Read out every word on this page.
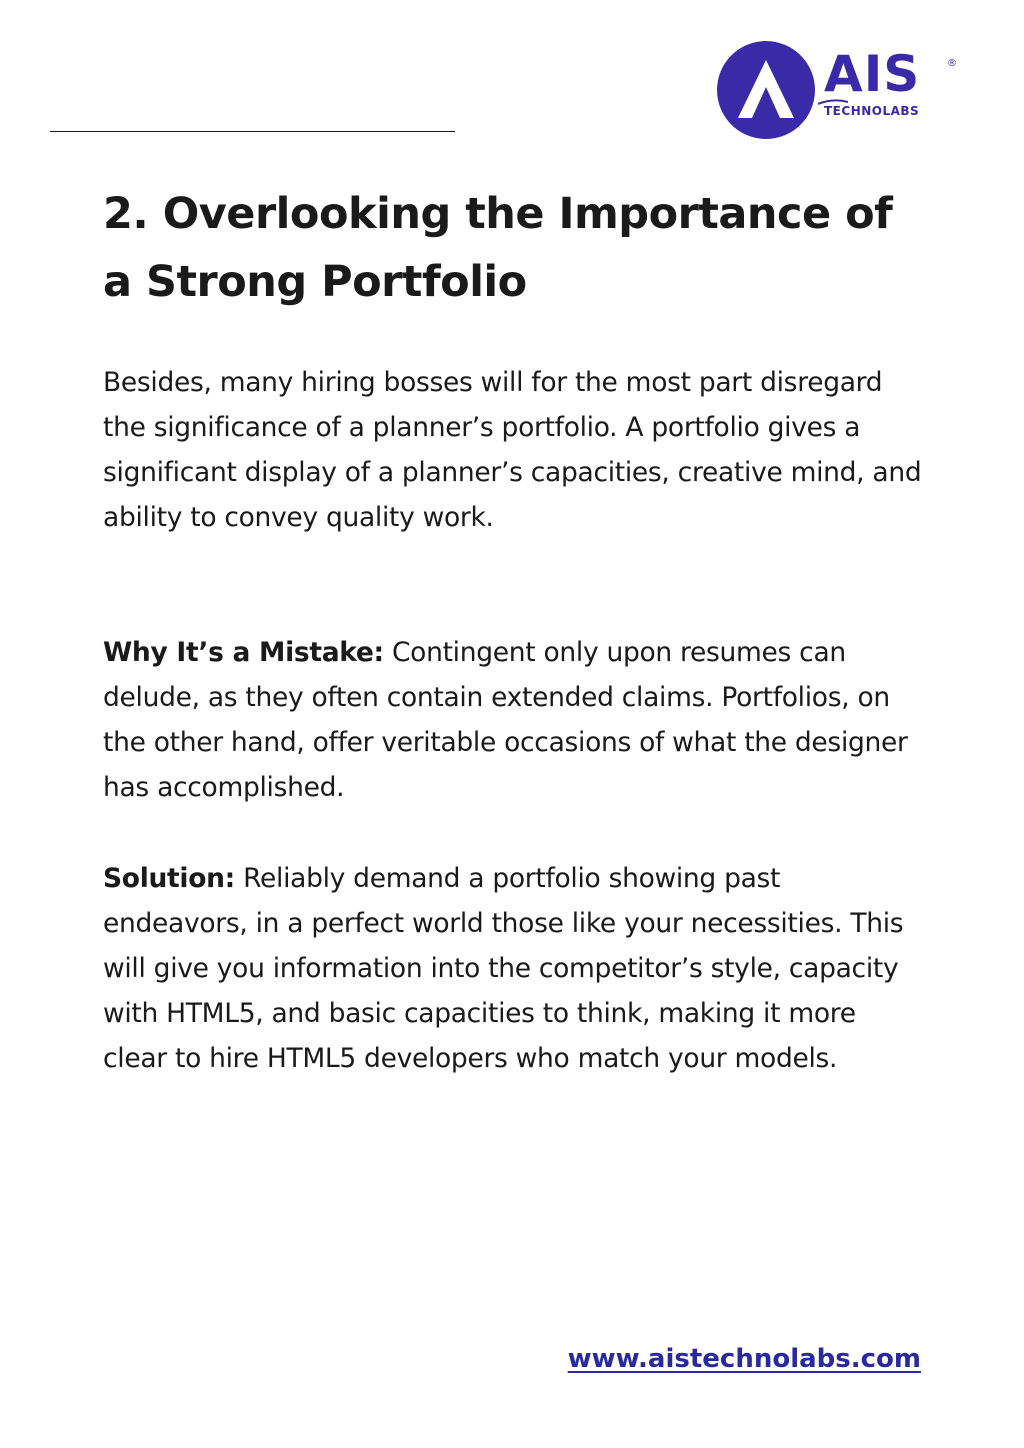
AIS	®
TECHNOLABS
2. Overlooking the Importance of a Strong Portfolio

Besides, many hiring bosses will for the most part disregard the significance of a planner’s portfolio. A portfolio gives a significant display of a planner’s capacities, creative mind, and ability to convey quality work.

Why It’s a Mistake: Contingent only upon resumes can delude, as they often contain extended claims. Portfolios, on the other hand, offer veritable occasions of what the designer has accomplished.

Solution: Reliably demand a portfolio showing past endeavors, in a perfect world those like your necessities. This will give you information into the competitor’s style, capacity with HTML5, and basic capacities to think, making it more clear to hire HTML5 developers who match your models.

www.aistechnolabs.com
